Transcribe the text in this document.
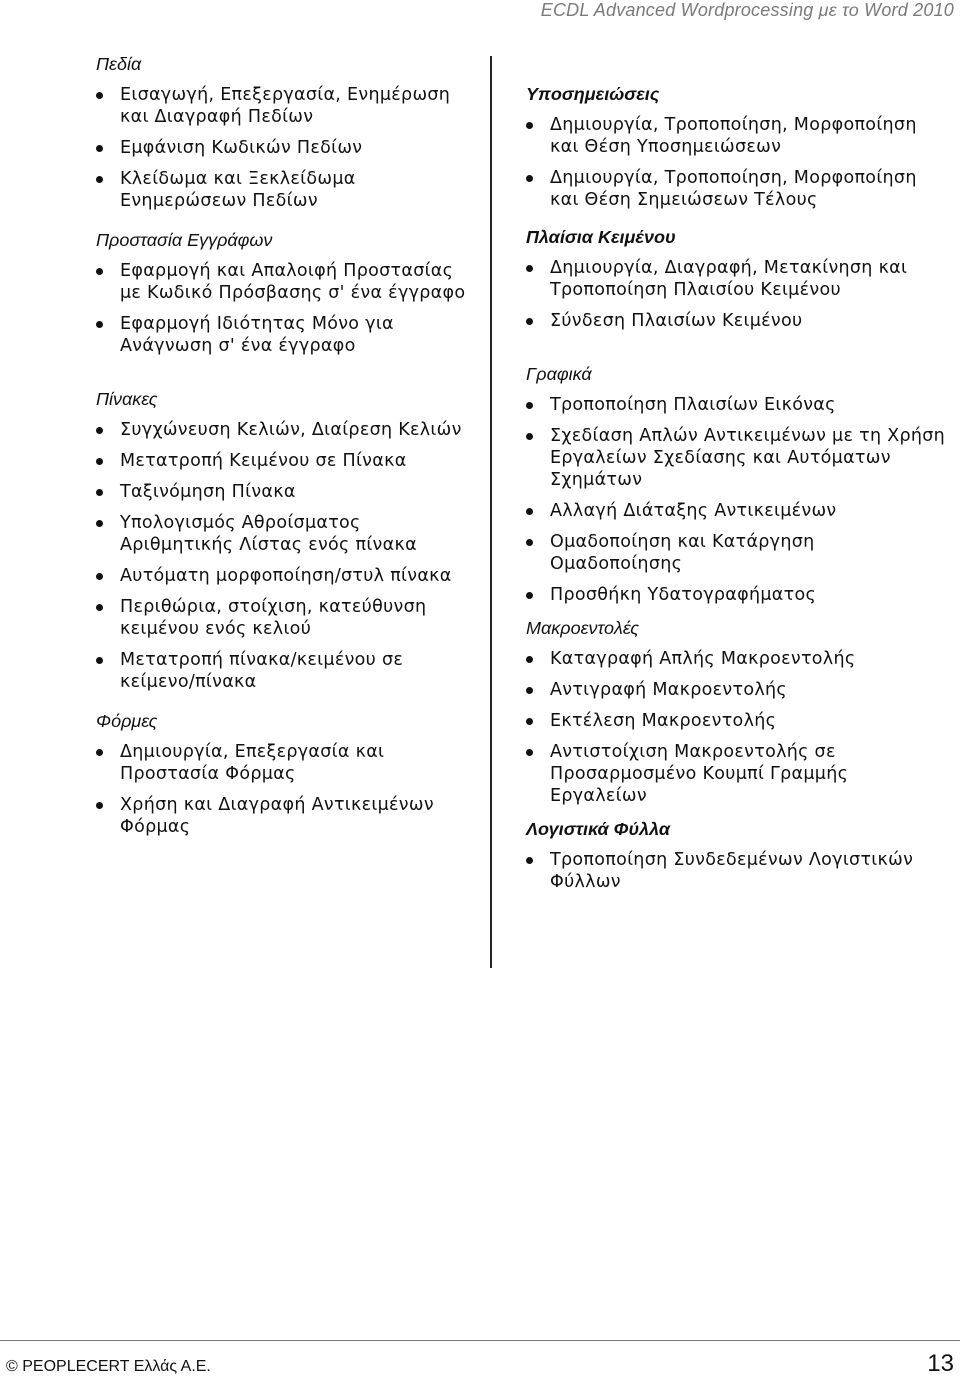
ECDL Advanced Wordprocessing με το Word 2010
Πεδία
Εισαγωγή, Επεξεργασία, Ενημέρωση και Διαγραφή Πεδίων
Εμφάνιση Κωδικών Πεδίων
Κλείδωμα και Ξεκλείδωμα Ενημερώσεων Πεδίων
Προστασία Εγγράφων
Εφαρμογή και Απαλοιφή Προστασίας με Κωδικό Πρόσβασης σ' ένα έγγραφο
Εφαρμογή Ιδιότητας Μόνο για Ανάγνωση σ' ένα έγγραφο
Πίνακες
Συγχώνευση Κελιών, Διαίρεση Κελιών
Μετατροπή Κειμένου σε Πίνακα
Ταξινόμηση Πίνακα
Υπολογισμός Αθροίσματος Αριθμητικής Λίστας ενός πίνακα
Αυτόματη μορφοποίηση/στυλ πίνακα
Περιθώρια, στοίχιση, κατεύθυνση κειμένου ενός κελιού
Μετατροπή πίνακα/κειμένου σε κείμενο/πίνακα
Φόρμες
Δημιουργία, Επεξεργασία και Προστασία Φόρμας
Χρήση και Διαγραφή Αντικειμένων Φόρμας
Υποσημειώσεις
Δημιουργία, Τροποποίηση, Μορφοποίηση και Θέση Υποσημειώσεων
Δημιουργία, Τροποποίηση, Μορφοποίηση και Θέση Σημειώσεων Τέλους
Πλαίσια Κειμένου
Δημιουργία, Διαγραφή, Μετακίνηση και Τροποποίηση Πλαισίου Κειμένου
Σύνδεση Πλαισίων Κειμένου
Γραφικά
Τροποποίηση Πλαισίων Εικόνας
Σχεδίαση Απλών Αντικειμένων με τη Χρήση Εργαλείων Σχεδίασης και Αυτόματων Σχημάτων
Αλλαγή Διάταξης Αντικειμένων
Ομαδοποίηση και Κατάργηση Ομαδοποίησης
Προσθήκη Υδατογραφήματος
Μακροεντολές
Καταγραφή Απλής Μακροεντολής
Αντιγραφή Μακροεντολής
Εκτέλεση Μακροεντολής
Αντιστοίχιση Μακροεντολής σε Προσαρμοσμένο Κουμπί Γραμμής Εργαλείων
Λογιστικά Φύλλα
Τροποποίηση Συνδεδεμένων Λογιστικών Φύλλων
© PEOPLECERT Ελλάς Α.Ε.	13
